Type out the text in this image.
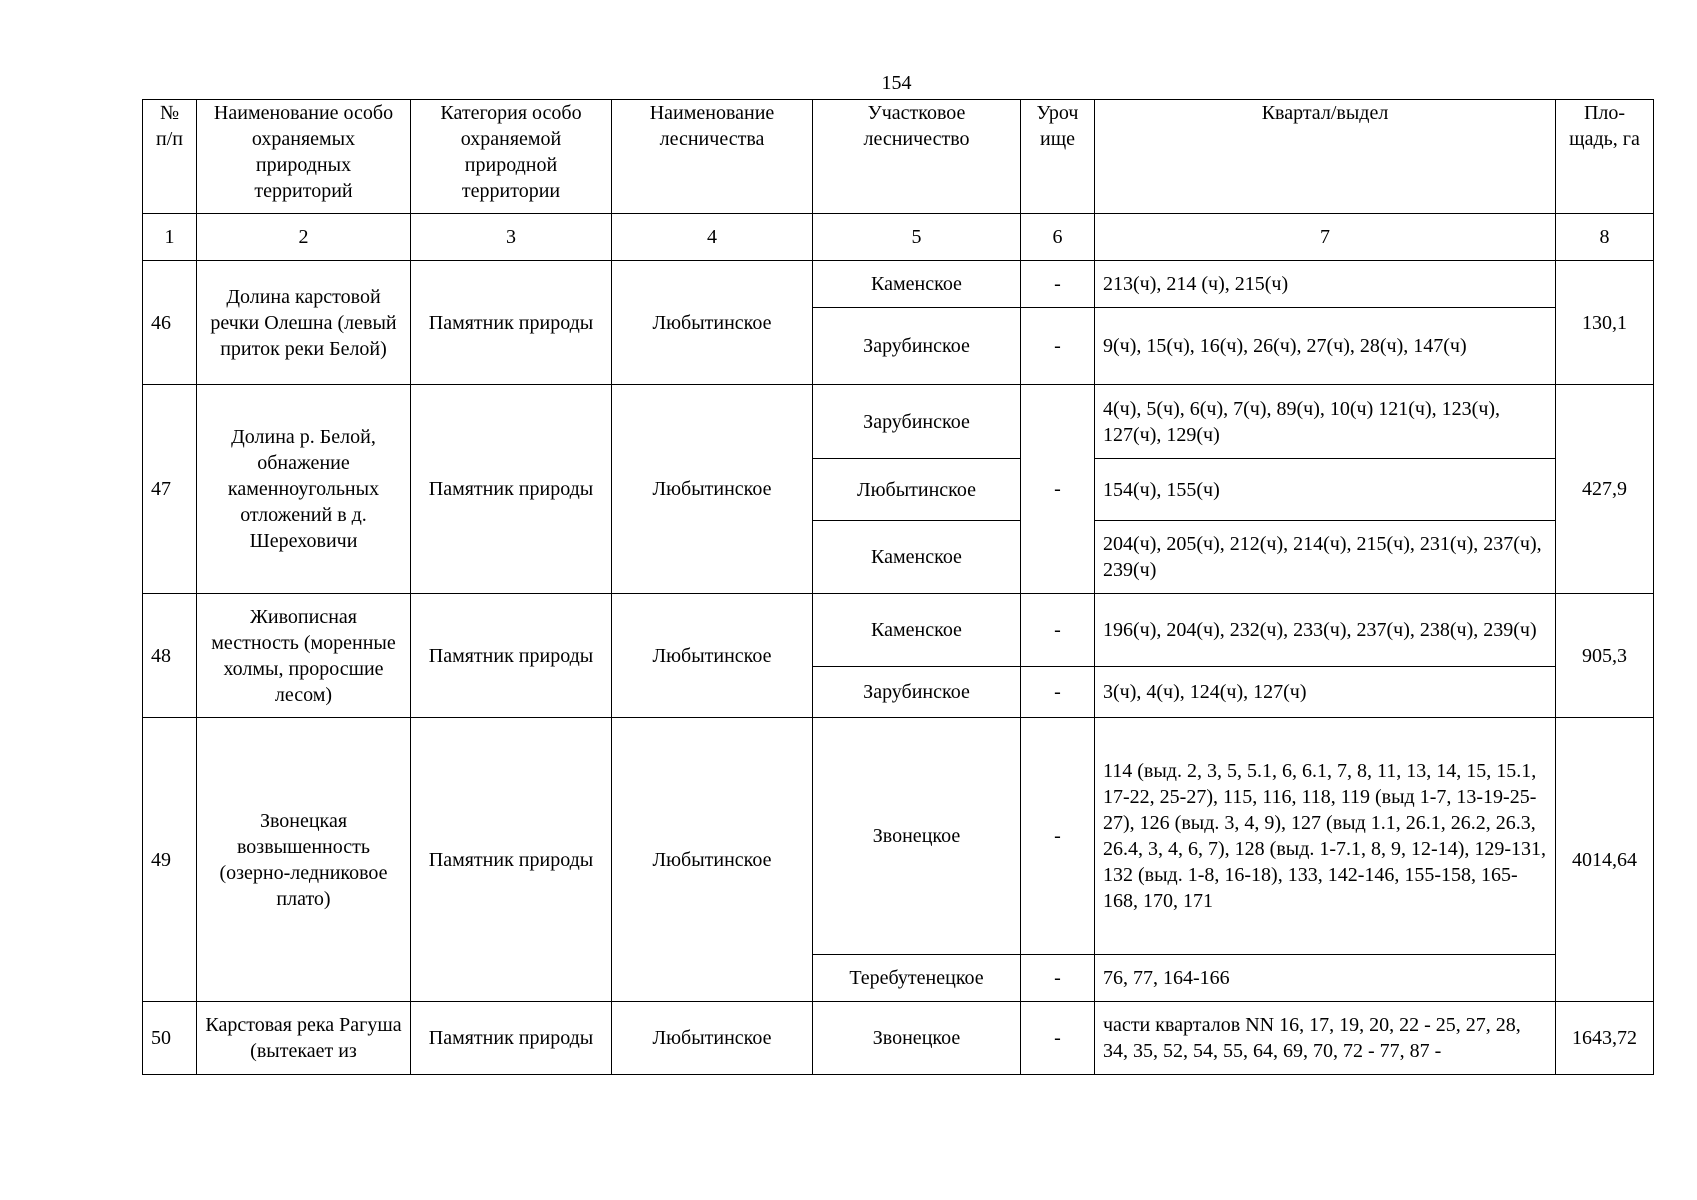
154
№ п/п	Наименование особо охраняемых природных территорий	Категория особо охраняемой природной территории	Наименование лесничества	Участковое лесничество	Уроч ище	Квартал/выдел	Пло- щадь, га
1	2	3	4	5	6	7	8
46	Долина карстовой речки Олешна (левый приток реки Белой)	Памятник природы	Любытинское	Каменское	-	213(ч), 214 (ч), 215(ч)	130,1
				Зарубинское	-	9(ч), 15(ч), 16(ч), 26(ч), 27(ч), 28(ч), 147(ч)	
47	Долина р. Белой, обнажение каменноугольных отложений в д. Шереховичи	Памятник природы	Любытинское	Зарубинское	-	4(ч), 5(ч), 6(ч), 7(ч), 89(ч), 10(ч) 121(ч), 123(ч), 127(ч), 129(ч)	427,9
				Любытинское		154(ч), 155(ч)	
				Каменское		204(ч), 205(ч), 212(ч), 214(ч), 215(ч), 231(ч), 237(ч), 239(ч)	
48	Живописная местность (моренные холмы, проросшие лесом)	Памятник природы	Любытинское	Каменское	-	196(ч), 204(ч), 232(ч), 233(ч), 237(ч), 238(ч), 239(ч)	905,3
				Зарубинское	-	3(ч), 4(ч), 124(ч), 127(ч)	
49	Звонецкая возвышенность (озерно-ледниковое плато)	Памятник природы	Любытинское	Звонецкое	-	114 (выд. 2, 3, 5, 5.1, 6, 6.1, 7, 8, 11, 13, 14, 15, 15.1, 17-22, 25-27), 115, 116, 118, 119 (выд 1-7, 13-19-25-27), 126 (выд. 3, 4, 9), 127 (выд 1.1, 26.1, 26.2, 26.3, 26.4, 3, 4, 6, 7), 128 (выд. 1-7.1, 8, 9, 12-14), 129-131, 132 (выд. 1-8, 16-18), 133, 142-146, 155-158, 165-168, 170, 171	4014,64
				Теребутенецкое	-	76, 77, 164-166	
50	Карстовая река Рагуша (вытекает из	Памятник природы	Любытинское	Звонецкое	-	части кварталов NN 16, 17, 19, 20, 22 - 25, 27, 28, 34, 35, 52, 54, 55, 64, 69, 70, 72 - 77, 87 -	1643,72
